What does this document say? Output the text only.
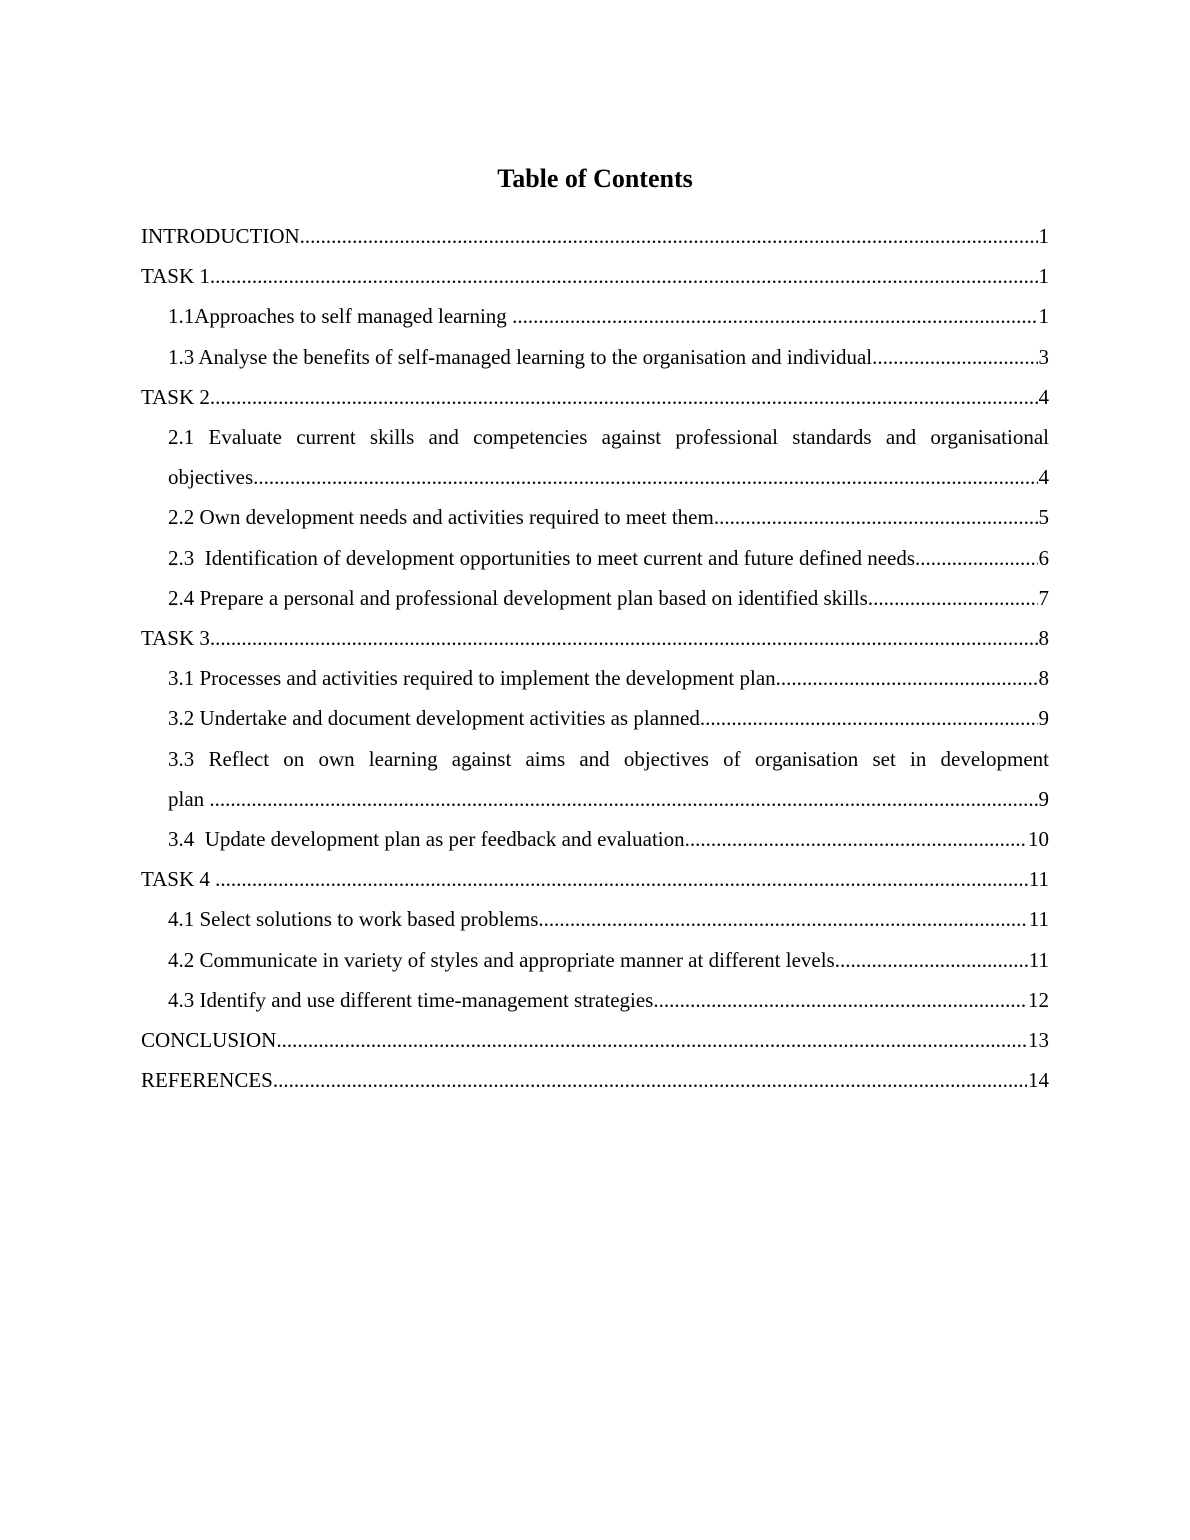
Table of Contents
INTRODUCTION .....	1
TASK 1 .....	1
1.1Approaches to self managed learning .....	1
1.3 Analyse the benefits of self-managed learning to the organisation and individual .....	3
TASK 2 .....	4
2.1 Evaluate current skills and competencies against professional standards and organisational
objectives .....	4
2.2 Own development needs and activities required to meet them .....	5
2.3  Identification of development opportunities to meet current and future defined needs .....	6
2.4 Prepare a personal and professional development plan based on identified skills .....	7
TASK 3 .....	8
3.1 Processes and activities required to implement the development plan .....	8
3.2 Undertake and document development activities as planned .....	9
3.3 Reflect on own learning against aims and objectives of organisation set in development
plan .....	9
3.4  Update development plan as per feedback and evaluation .....	10
TASK 4 .....	11
4.1 Select solutions to work based problems .....	11
4.2 Communicate in variety of styles and appropriate manner at different levels .....	11
4.3 Identify and use different time-management strategies .....	12
CONCLUSION .....	13
REFERENCES .....	14
